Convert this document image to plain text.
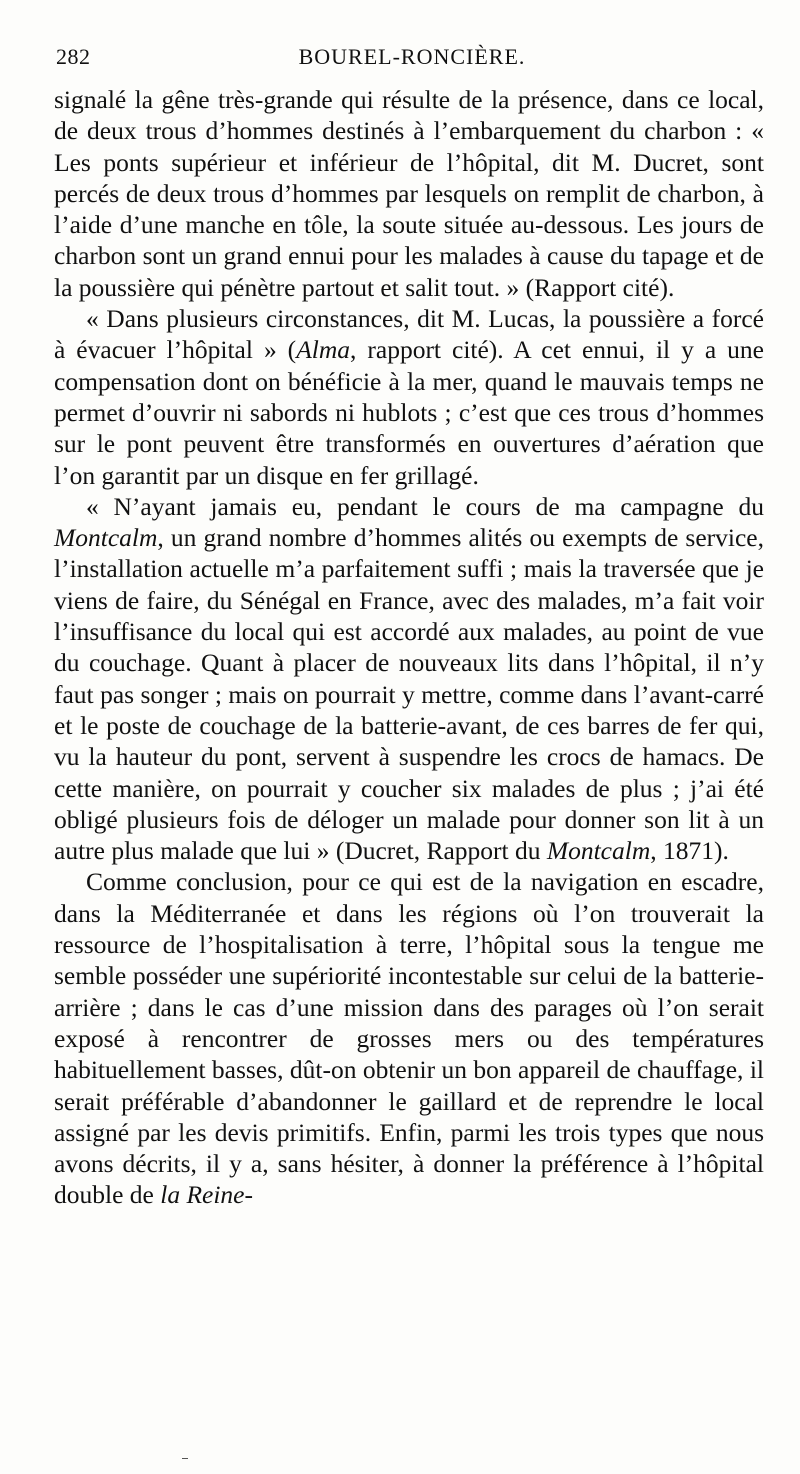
282	BOUREL-RONCIÈRE.

signalé la gêne très-grande qui résulte de la présence, dans ce local, de deux trous d’hommes destinés à l’embarquement du charbon : « Les ponts supérieur et inférieur de l’hôpital, dit M. Ducret, sont percés de deux trous d’hommes par lesquels on remplit de charbon, à l’aide d’une manche en tôle, la soute située au-dessous. Les jours de charbon sont un grand ennui pour les malades à cause du tapage et de la poussière qui pénètre partout et salit tout. » (Rapport cité).

« Dans plusieurs circonstances, dit M. Lucas, la poussière a forcé à évacuer l’hôpital » (Alma, rapport cité). A cet ennui, il y a une compensation dont on bénéficie à la mer, quand le mauvais temps ne permet d’ouvrir ni sabords ni hublots ; c’est que ces trous d’hommes sur le pont peuvent être transformés en ouvertures d’aération que l’on garantit par un disque en fer grillagé.

« N’ayant jamais eu, pendant le cours de ma campagne du Montcalm, un grand nombre d’hommes alités ou exempts de service, l’installation actuelle m’a parfaitement suffi ; mais la traversée que je viens de faire, du Sénégal en France, avec des malades, m’a fait voir l’insuffisance du local qui est accordé aux malades, au point de vue du couchage. Quant à placer de nouveaux lits dans l’hôpital, il n’y faut pas songer ; mais on pourrait y mettre, comme dans l’avant-carré et le poste de couchage de la batterie-avant, de ces barres de fer qui, vu la hauteur du pont, servent à suspendre les crocs de hamacs. De cette manière, on pourrait y coucher six malades de plus ; j’ai été obligé plusieurs fois de déloger un malade pour donner son lit à un autre plus malade que lui » (Ducret, Rapport du Montcalm, 1871).

Comme conclusion, pour ce qui est de la navigation en escadre, dans la Méditerranée et dans les régions où l’on trouverait la ressource de l’hospitalisation à terre, l’hôpital sous la tengue me semble posséder une supériorité incontestable sur celui de la batterie-arrière ; dans le cas d’une mission dans des parages où l’on serait exposé à rencontrer de grosses mers ou des températures habituellement basses, dût-on obtenir un bon appareil de chauffage, il serait préférable d’abandonner le gaillard et de reprendre le local assigné par les devis primitifs. Enfin, parmi les trois types que nous avons décrits, il y a, sans hésiter, à donner la préférence à l’hôpital double de la Reine-
